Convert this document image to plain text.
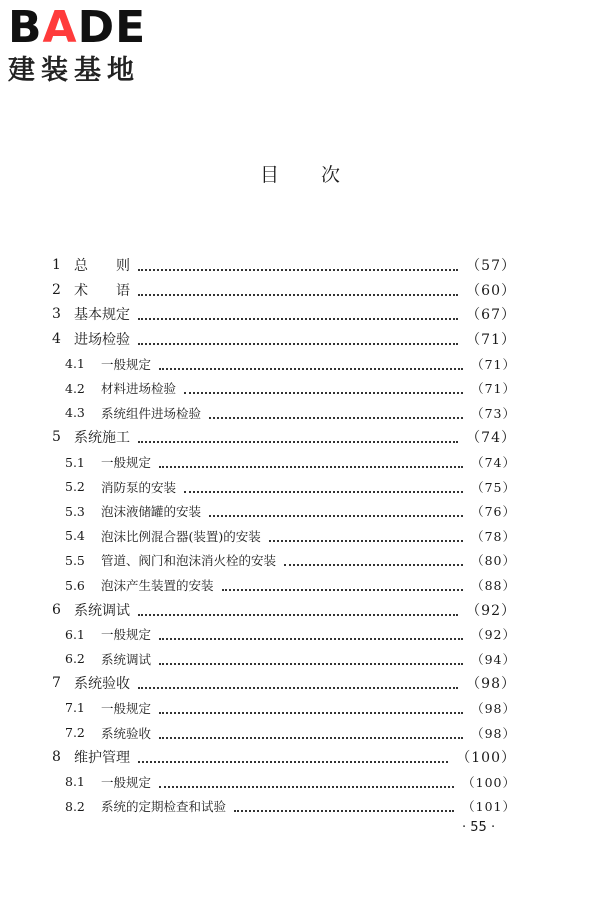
BADE
建装基地
目次
1 总　　则	（57）
2 术　　语	（60）
3 基本规定	（67）
4 进场检验	（71）
4.1	一般规定	（71）
4.2	材料进场检验	（71）
4.3	系统组件进场检验	（73）
5 系统施工	（74）
5.1	一般规定	（74）
5.2	消防泵的安装	（75）
5.3	泡沫液储罐的安装	（76）
5.4	泡沫比例混合器(装置)的安装	（78）
5.5	管道、阀门和泡沫消火栓的安装	（80）
5.6	泡沫产生装置的安装	（88）
6 系统调试	（92）
6.1	一般规定	（92）
6.2	系统调试	（94）
7 系统验收	（98）
7.1	一般规定	（98）
7.2	系统验收	（98）
8 维护管理	（100）
8.1	一般规定	（100）
8.2	系统的定期检查和试验	（101）
· 55 ·
